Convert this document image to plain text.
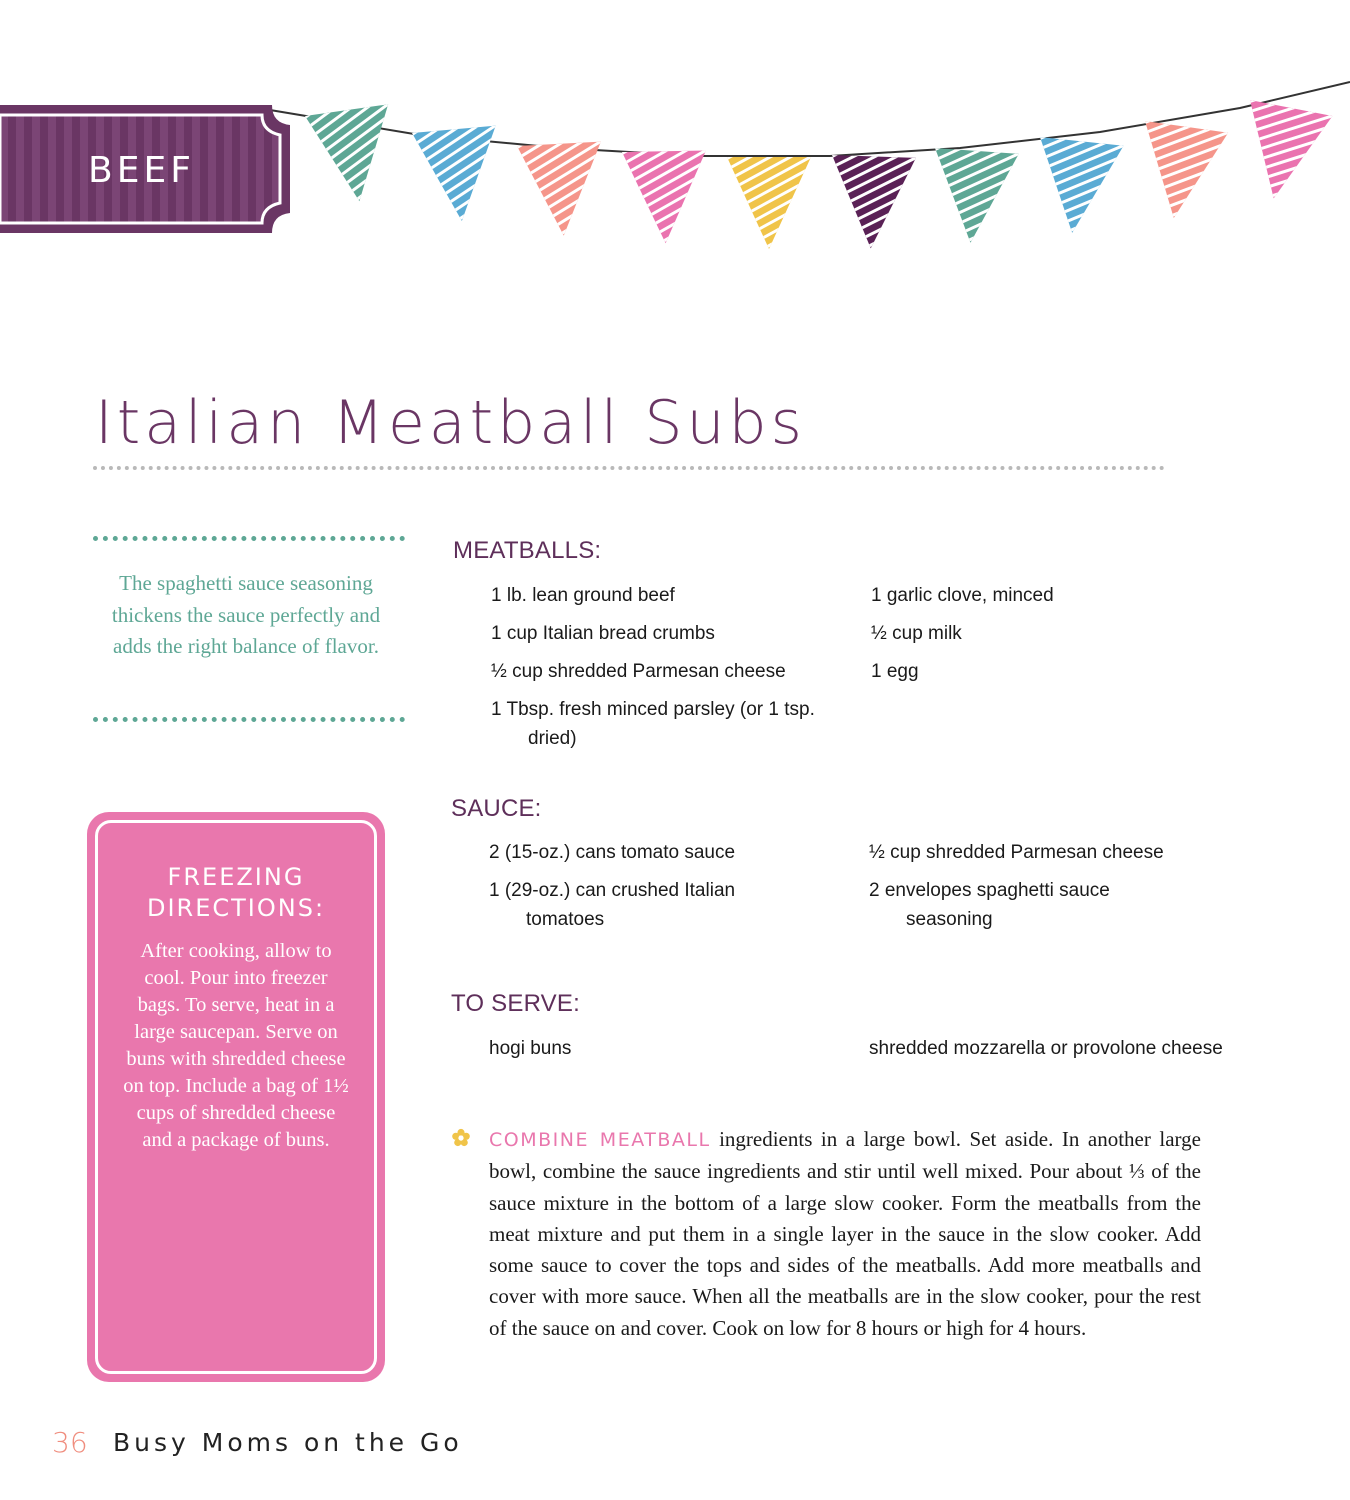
BEEF
Italian Meatball Subs
The spaghetti sauce seasoning thickens the sauce perfectly and adds the right balance of flavor.
FREEZING
DIRECTIONS:
After cooking, allow to cool. Pour into freezer bags. To serve, heat in a large saucepan. Serve on buns with shredded cheese on top. Include a bag of 1½ cups of shredded cheese and a package of buns.
MEATBALLS:
1 lb. lean ground beef
1 cup Italian bread crumbs
½ cup shredded Parmesan cheese
1 Tbsp. fresh minced parsley (or 1 tsp. dried)
1 garlic clove, minced
½ cup milk
1 egg
SAUCE:
2 (15-oz.) cans tomato sauce
1 (29-oz.) can crushed Italian tomatoes
½ cup shredded Parmesan cheese
2 envelopes spaghetti sauce seasoning
TO SERVE:
hogi buns	shredded mozzarella or provolone cheese
COMBINE MEATBALL ingredients in a large bowl. Set aside. In another large bowl, combine the sauce ingredients and stir until well mixed. Pour about ⅓ of the sauce mixture in the bottom of a large slow cooker. Form the meatballs from the meat mixture and put them in a single layer in the sauce in the slow cooker. Add some sauce to cover the tops and sides of the meatballs. Add more meatballs and cover with more sauce. When all the meatballs are in the slow cooker, pour the rest of the sauce on and cover. Cook on low for 8 hours or high for 4 hours.
36 Busy Moms on the Go
